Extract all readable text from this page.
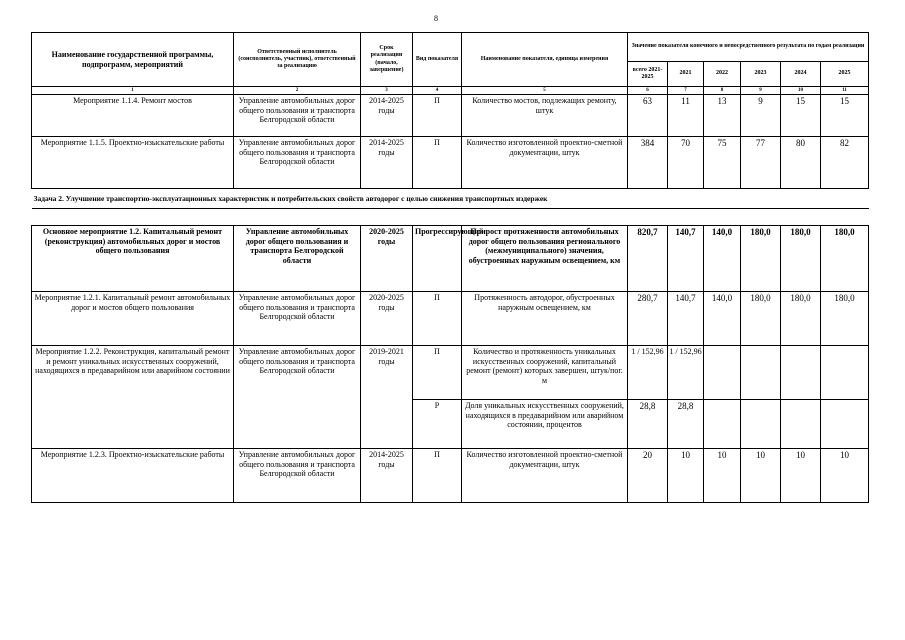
8
Наименование государственной программы, подпрограмм, мероприятий	Ответственный исполнитель (соисполнитель, участник), ответственный за реализацию	Срок реализации (начало, завершение)	Вид показателя	Наименование показателя, единица измерения	Значение показателя конечного и непосредственного результата по годам реализации					
					всего 2021-2025	2021	2022	2023	2024	2025
1	2	3	4	5	6	7	8	9	10	11
Мероприятие 1.1.4. Ремонт мостов	Управление автомобильных дорог общего пользования и транспорта Белгородской области	2014-2025 годы	П	Количество мостов, подлежащих ремонту, штук	63	11	13	9	15	15
Мероприятие 1.1.5. Проектно-изыскательские работы	Управление автомобильных дорог общего пользования и транспорта Белгородской области	2014-2025 годы	П	Количество изготовленной проектно-сметной документации, штук	384	70	75	77	80	82
Задача 2. Улучшение транспортно-эксплуатационных характеристик и потребительских свойств автодорог с целью снижения транспортных издержек										

Основное мероприятие 1.2. Капитальный ремонт (реконструкция) автомобильных дорог и мостов общего пользования	Управление автомобильных дорог общего пользования и транспорта Белгородской области	2020-2025 годы	Прогрессирующий	Прирост протяженности автомобильных дорог общего пользования регионального (межмуниципального) значения, обустроенных наружным освещением, км	820,7	140,7	140,0	180,0	180,0	180,0
Мероприятие 1.2.1. Капитальный ремонт автомобильных дорог и мостов общего пользования	Управление автомобильных дорог общего пользования и транспорта Белгородской области	2020-2025 годы	П	Протяженность автодорог, обустроенных наружным освещением, км	280,7	140,7	140,0	180,0	180,0	180,0
Мероприятие 1.2.2. Реконструкция, капитальный ремонт и ремонт уникальных искусственных сооружений, находящихся в предаварийном или аварийном состоянии	Управление автомобильных дорог общего пользования и транспорта Белгородской области	2019-2021 годы	П	Количество и протяженность уникальных искусственных сооружений, капитальный ремонт (ремонт) которых завершен, штук/пог. м	1 / 152,96	1 / 152,96				
			Р	Доля уникальных искусственных сооружений, находящихся в предаварийном или аварийном состоянии, процентов	28,8	28,8				
Мероприятие 1.2.3. Проектно-изыскательские работы	Управление автомобильных дорог общего пользования и транспорта Белгородской области	2014-2025 годы	П	Количество изготовленной проектно-сметной документации, штук	20	10	10	10	10	10
